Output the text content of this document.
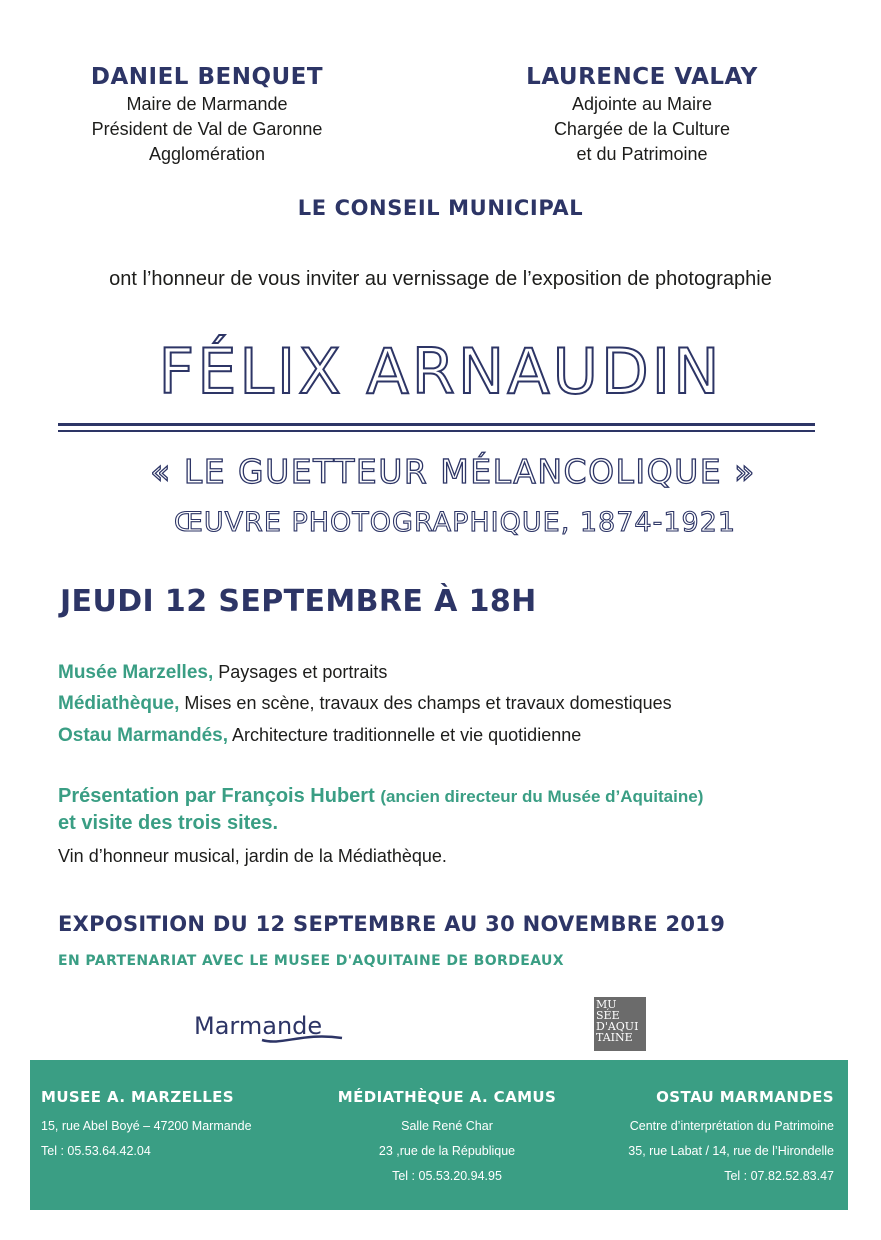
DANIEL BENQUET
Maire de Marmande
Président de Val de Garonne
Agglomération
LAURENCE VALAY
Adjointe au Maire
Chargée de la Culture
et du Patrimoine
LE CONSEIL MUNICIPAL
ont l’honneur de vous inviter au vernissage de l’exposition de photographie
FÉLIX ARNAUDIN
« LE GUETTEUR MÉLANCOLIQUE »
ŒUVRE PHOTOGRAPHIQUE, 1874-1921
JEUDI 12 SEPTEMBRE À 18H
Musée Marzelles, Paysages et portraits
Médiathèque, Mises en scène, travaux des champs et travaux domestiques
Ostau Marmandés, Architecture traditionnelle et vie quotidienne
Présentation par François Hubert (ancien directeur du Musée d’Aquitaine)
et visite des trois sites.
Vin d’honneur musical, jardin de la Médiathèque.
EXPOSITION DU 12 SEPTEMBRE AU 30 NOVEMBRE 2019
EN PARTENARIAT AVEC LE MUSEE D'AQUITAINE DE BORDEAUX
Marmande
MU
SÉE
D'AQUI
TAINE
MUSEE A. MARZELLES
15, rue Abel Boyé – 47200 Marmande
Tel : 05.53.64.42.04
MÉDIATHÈQUE A. CAMUS
Salle René Char
23 ,rue de la République
Tel : 05.53.20.94.95
OSTAU MARMANDES
Centre d’interprétation du Patrimoine
35, rue Labat / 14, rue de l’Hirondelle
Tel : 07.82.52.83.47
